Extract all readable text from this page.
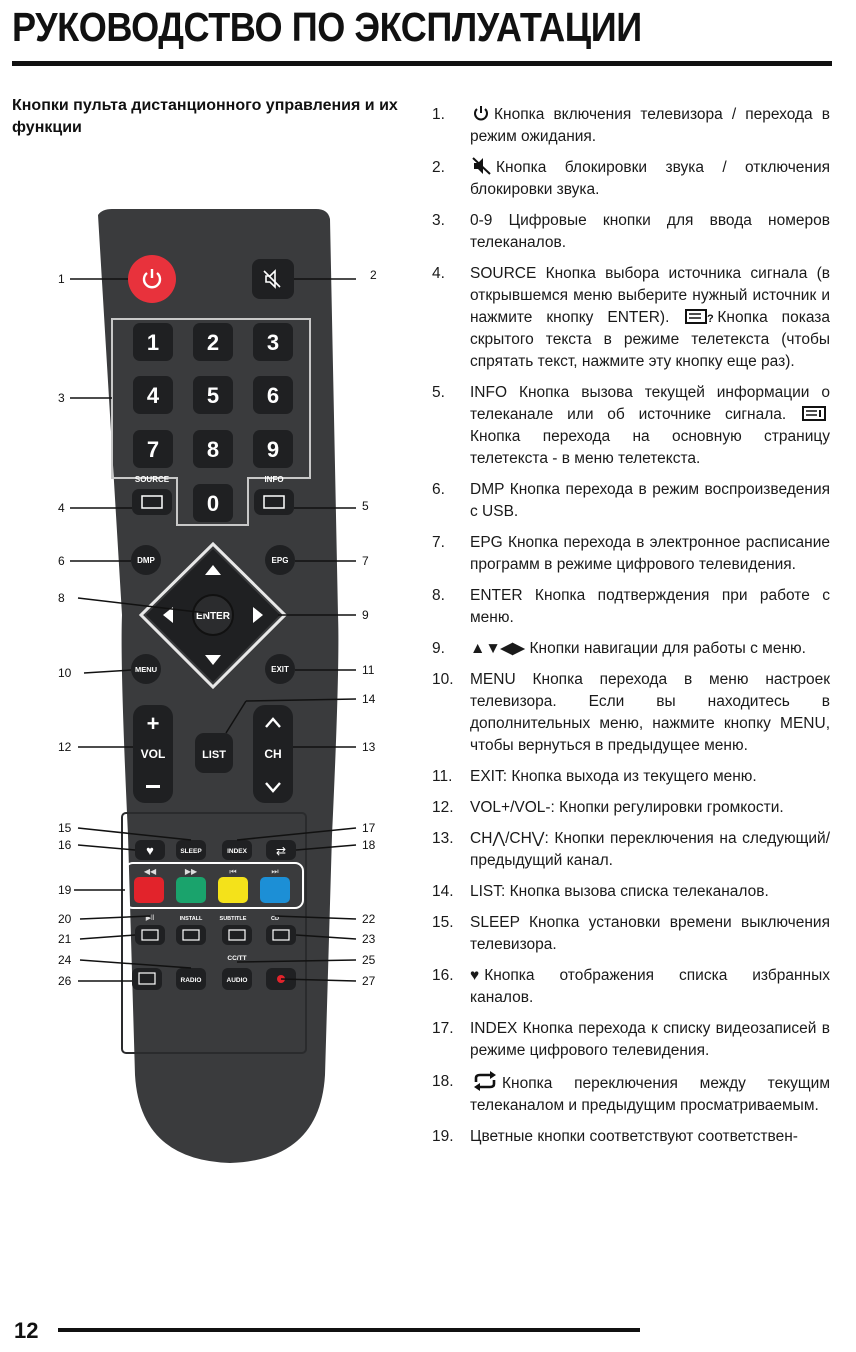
РУКОВОДСТВО ПО ЭКСПЛУАТАЦИИ
Кнопки пульта дистанционного управления и их функции
1 2 3
4 5 6
7 8 9
0
SOURCE	INFO
DMP	EPG
ENTER
MENU	EXIT
+
VOL	LIST	CH
♥	SLEEP	INDEX ⇄
◀◀	▶▶	⏮	⏭
▶ll	INSTALL	SUBTITLE	CD
CC/TT
RADIO	AUDIO
1	2
3
4	5
6	7
8
9
10	11
12	13
14
15
16
17
18
19
20
21
22
23
24	25
26	27
1.	Кнопка включения телевизора / перехода в режим ожидания.
2.	Кнопка блокировки звука / отключения блокировки звука.
3. 0-9 Цифровые кнопки для ввода номеров телеканалов.
4. SOURCE Кнопка выбора источника сигнала (в открывшемся меню выберите нужный источник и нажмите кнопку ENTER).	? Кнопка показа скрытого текста в режиме телетекста (чтобы спрятать текст, нажмите эту кнопку еще раз).
5. INFO Кнопка вызова текущей информации о телеканале или об источнике сигнала. Кнопка перехода на основную страницу телетекста - в меню телетекста.
6. DMP Кнопка перехода в режим воспроизведения с USB.
7. EPG Кнопка перехода в электронное расписание программ в режиме цифрового телевидения.
8. ENTER Кнопка подтверждения при работе с меню.
9. ▲▼◀▶ Кнопки навигации для работы с меню.
10. MENU Кнопка перехода в меню настроек телевизора. Если вы находитесь в дополнительных меню, нажмите кнопку MENU, чтобы вернуться в предыдущее меню.
11. EXIT: Кнопка выхода из текущего меню.
12. VOL+/VOL-: Кнопки регулировки громкости.
13. CH⋀/CH⋁: Кнопки переключения на следующий/предыдущий канал.
14. LIST: Кнопка вызова списка телеканалов.
15. SLEEP Кнопка установки времени выключения телевизора.
16. ♥ Кнопка отображения списка избранных каналов.
17. INDEX Кнопка перехода к списку видеозаписей в режиме цифрового телевидения.
18.	Кнопка переключения между текущим телеканалом и предыдущим просматриваемым.
19. Цветные кнопки соответствуют соответствен-
12
